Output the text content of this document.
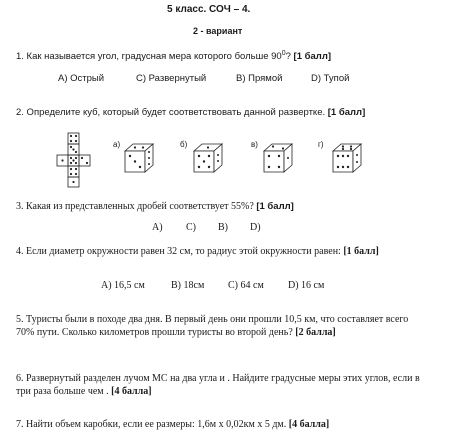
5 класс. СОЧ – 4.
2 - вариант
1. Как называется угол, градусная мера которого больше $90^0$? [1 балл]
А) Острый	С) Развернутый	В) Прямой	D) Тупой
2. Определите куб, который будет соответствовать данной развертке. [1 балл]
а)	б)	в)	г)
3. Какая из представленных дробей соответствует 55%? [1 балл]
А) С) В) D)
4. Если диаметр окружности равен 32 см, то радиус этой окружности равен: [1 балл]
А) 16,5 см	В) 18см С) 64 см D) 16 см
5. Туристы были в походе два дня. В первый день они прошли 10,5 км, что составляет всего 70% пути. Сколько километров прошли туристы во второй день? [2 балла]
6. Развернутый разделен лучом МС на два угла и . Найдите градусные меры этих углов, если в три раза больше чем . [4 балла]
7. Найти объем каробки, если ее размеры: 1,6м х 0,02км х 5 дм. [4 балла]
